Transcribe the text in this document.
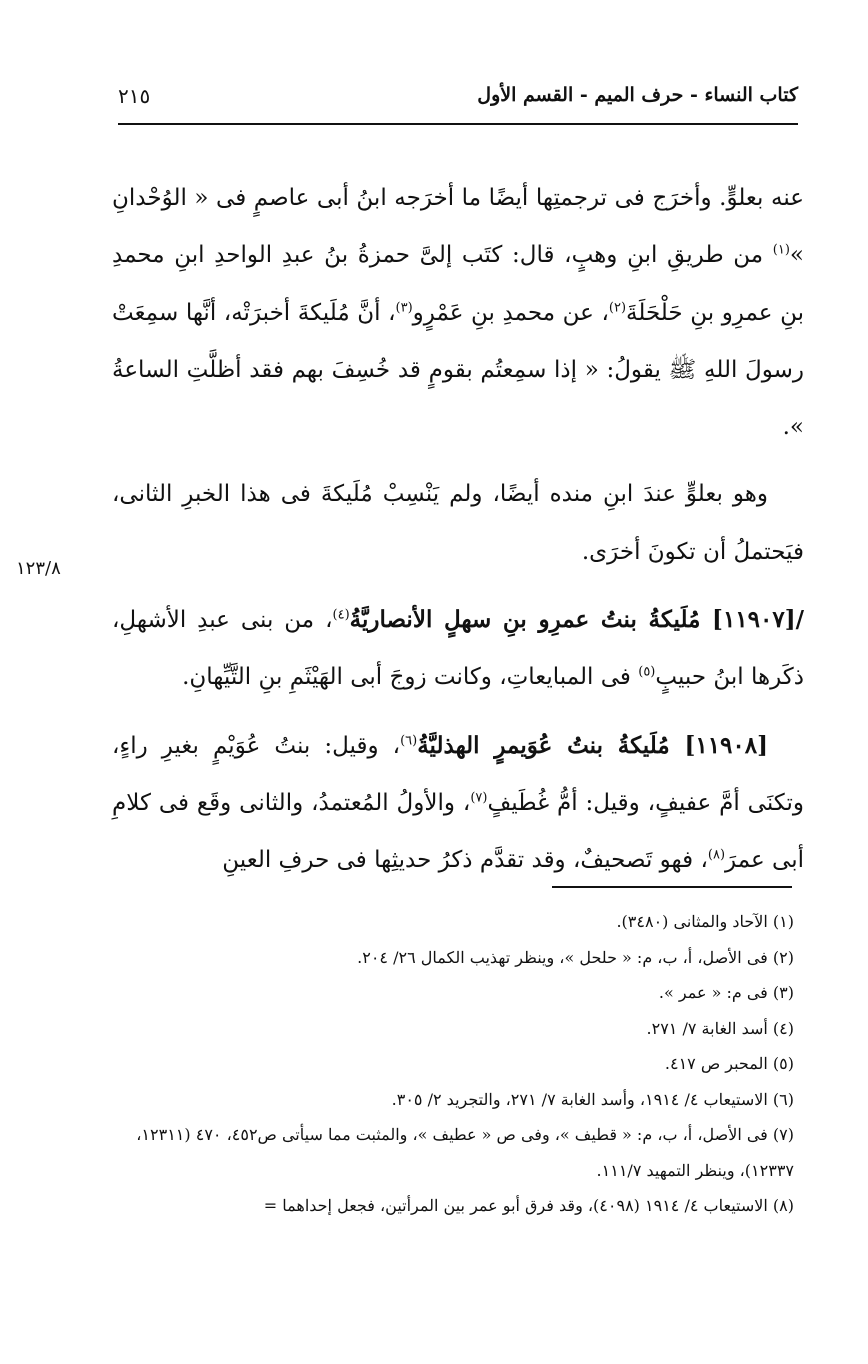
كتاب النساء - حرف الميم - القسم الأول
٢١٥
١٢٣/٨

عنه بعلوٍّ. وأخرَج فى ترجمتِها أيضًا ما أخرَجه ابنُ أبى عاصمٍ فى « الوُحْدانِ »$^{(١)}$ من طريقِ ابنِ وهبٍ، قال: كتَب إلىَّ حمزةُ بنُ عبدِ الواحدِ ابنِ محمدِ بنِ عمرِو بنِ حَلْحَلَةَ$^{(٢)}$، عن محمدِ بنِ عَمْرٍو$^{(٣)}$، أنَّ مُلَيكةَ أخبرَتْه، أنَّها سمِعَتْ رسولَ اللهِ ﷺ يقولُ: « إذا سمِعتُم بقومٍ قد خُسِفَ بهم فقد أظلَّتِ الساعةُ ».

وهو بعلوٍّ عندَ ابنِ منده أيضًا، ولم يَنْسِبْ مُلَيكةَ فى هذا الخبرِ الثانى، فيَحتملُ أن تكونَ أخرَى.

/[١١٩٠٧] مُلَيكةُ بنتُ عمرِو بنِ سهلٍ الأنصاريَّةُ$^{(٤)}$، من بنى عبدِ الأشهلِ، ذكَرها ابنُ حبيبٍ$^{(٥)}$ فى المبايعاتِ، وكانت زوجَ أبى الهَيْثَمِ بنِ التَّيِّهانِ.

[١١٩٠٨] مُلَيكةُ بنتُ عُوَيمرٍ الهذليَّةُ$^{(٦)}$، وقيل: بنتُ عُوَيْمٍ بغيرِ راءٍ، وتكنَى أمَّ عفيفٍ، وقيل: أمُّ غُطَيفٍ$^{(٧)}$، والأولُ المُعتمدُ، والثانى وقَع فى كلامِ أبى عمرَ$^{(٨)}$، فهو تَصحيفٌ، وقد تقدَّم ذكرُ حديثِها فى حرفِ العينِ

(١) الآحاد والمثانى (٣٤٨٠).

(٢) فى الأصل، أ، ب، م: « حلحل »، وينظر تهذيب الكمال ٢٦/ ٢٠٤.

(٣) فى م: « عمر ».

(٤) أسد الغابة ٧/ ٢٧١.

(٥) المحبر ص ٤١٧.

(٦) الاستيعاب ٤/ ١٩١٤، وأسد الغابة ٧/ ٢٧١، والتجريد ٢/ ٣٠٥.

(٧) فى الأصل، أ، ب، م: « قطيف »، وفى ص « عطيف »، والمثبت مما سيأتى ص٤٥٢، ٤٧٠ (١٢٣١١، ١٢٣٣٧)، وينظر التمهيد ١١١/٧.

(٨) الاستيعاب ٤/ ١٩١٤ (٤٠٩٨)، وقد فرق أبو عمر بين المرأتين، فجعل إحداهما =
